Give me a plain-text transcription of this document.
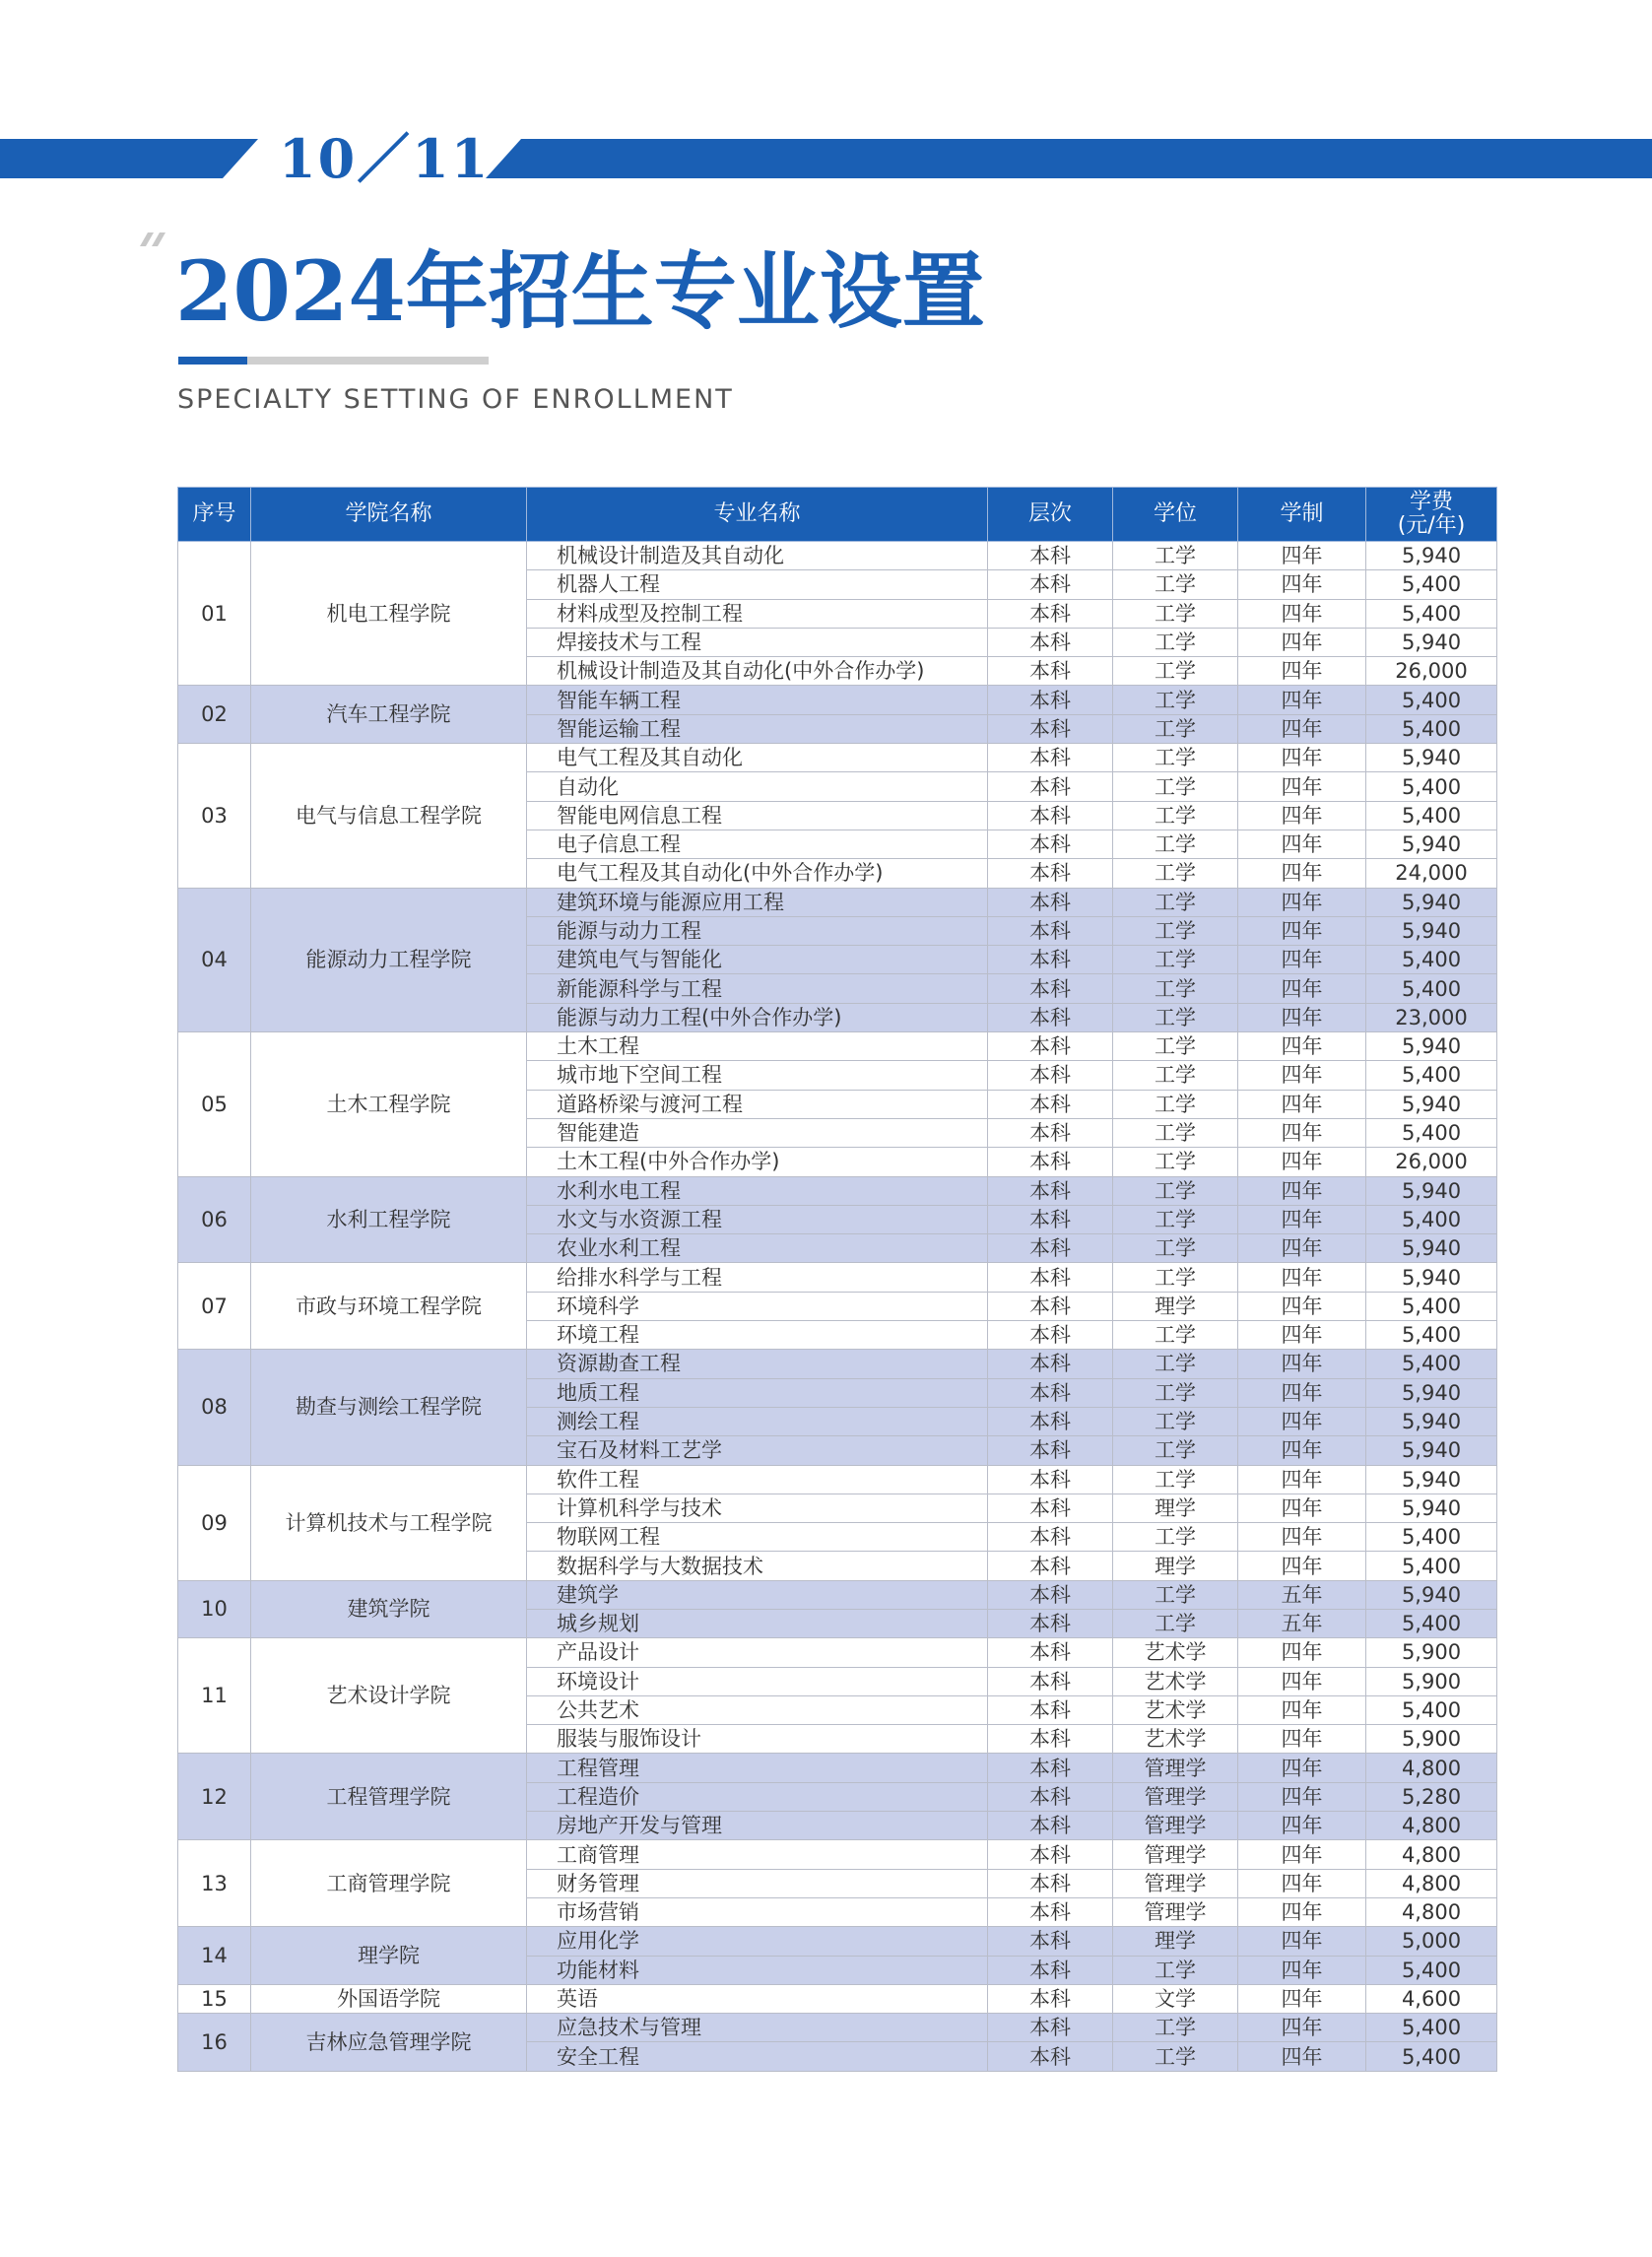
10／11
2024年招生专业设置
SPECIALTY SETTING OF ENROLLMENT
序号	学院名称	专业名称	层次	学位	学制	学费
(元/年)
01	机电工程学院	机械设计制造及其自动化	本科	工学	四年	5,940
		机器人工程	本科	工学	四年	5,400
		材料成型及控制工程	本科	工学	四年	5,400
		焊接技术与工程	本科	工学	四年	5,940
		机械设计制造及其自动化(中外合作办学)	本科	工学	四年	26,000
02	汽车工程学院	智能车辆工程	本科	工学	四年	5,400
		智能运输工程	本科	工学	四年	5,400
03	电气与信息工程学院	电气工程及其自动化	本科	工学	四年	5,940
		自动化	本科	工学	四年	5,400
		智能电网信息工程	本科	工学	四年	5,400
		电子信息工程	本科	工学	四年	5,940
		电气工程及其自动化(中外合作办学)	本科	工学	四年	24,000
04	能源动力工程学院	建筑环境与能源应用工程	本科	工学	四年	5,940
		能源与动力工程	本科	工学	四年	5,940
		建筑电气与智能化	本科	工学	四年	5,400
		新能源科学与工程	本科	工学	四年	5,400
		能源与动力工程(中外合作办学)	本科	工学	四年	23,000
05	土木工程学院	土木工程	本科	工学	四年	5,940
		城市地下空间工程	本科	工学	四年	5,400
		道路桥梁与渡河工程	本科	工学	四年	5,940
		智能建造	本科	工学	四年	5,400
		土木工程(中外合作办学)	本科	工学	四年	26,000
06	水利工程学院	水利水电工程	本科	工学	四年	5,940
		水文与水资源工程	本科	工学	四年	5,400
		农业水利工程	本科	工学	四年	5,940
07	市政与环境工程学院	给排水科学与工程	本科	工学	四年	5,940
		环境科学	本科	理学	四年	5,400
		环境工程	本科	工学	四年	5,400
08	勘查与测绘工程学院	资源勘查工程	本科	工学	四年	5,400
		地质工程	本科	工学	四年	5,940
		测绘工程	本科	工学	四年	5,940
		宝石及材料工艺学	本科	工学	四年	5,940
09	计算机技术与工程学院	软件工程	本科	工学	四年	5,940
		计算机科学与技术	本科	理学	四年	5,940
		物联网工程	本科	工学	四年	5,400
		数据科学与大数据技术	本科	理学	四年	5,400
10	建筑学院	建筑学	本科	工学	五年	5,940
		城乡规划	本科	工学	五年	5,400
11	艺术设计学院	产品设计	本科	艺术学	四年	5,900
		环境设计	本科	艺术学	四年	5,900
		公共艺术	本科	艺术学	四年	5,400
		服装与服饰设计	本科	艺术学	四年	5,900
12	工程管理学院	工程管理	本科	管理学	四年	4,800
		工程造价	本科	管理学	四年	5,280
		房地产开发与管理	本科	管理学	四年	4,800
13	工商管理学院	工商管理	本科	管理学	四年	4,800
		财务管理	本科	管理学	四年	4,800
		市场营销	本科	管理学	四年	4,800
14	理学院	应用化学	本科	理学	四年	5,000
		功能材料	本科	工学	四年	5,400
15	外国语学院	英语	本科	文学	四年	4,600
16	吉林应急管理学院	应急技术与管理	本科	工学	四年	5,400
		安全工程	本科	工学	四年	5,400
